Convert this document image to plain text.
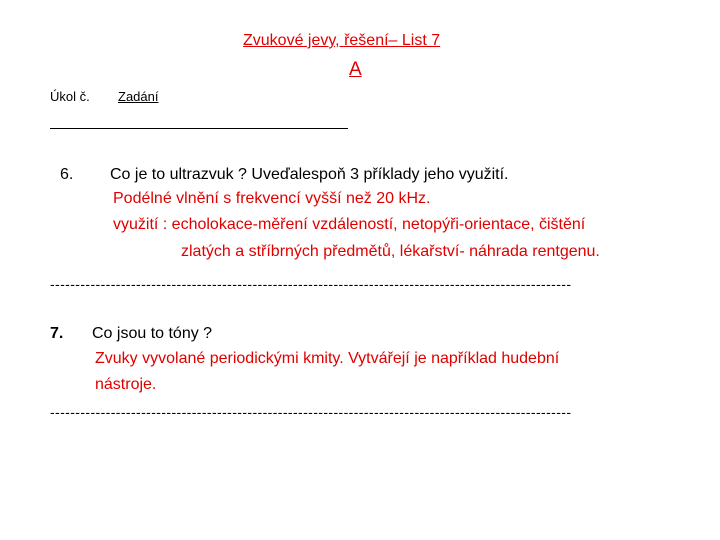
Zvukové jevy, řešení– List 7
A
Úkol č. Zadání
6. Co je to ultrazvuk ? Uveďalespoň 3 příklady jeho využití.
Podélné vlnění s frekvencí vyšší než 20 kHz.
využití : echolokace-měření vzdáleností, netopýři-orientace, čištění
zlatých a stříbrných předmětů, lékařství- náhrada rentgenu.
-------------------------------------------------------------------------------------------------------
7. Co jsou to tóny ?
Zvuky vyvolané periodickými kmity. Vytvářejí je například hudební
nástroje.
-------------------------------------------------------------------------------------------------------
